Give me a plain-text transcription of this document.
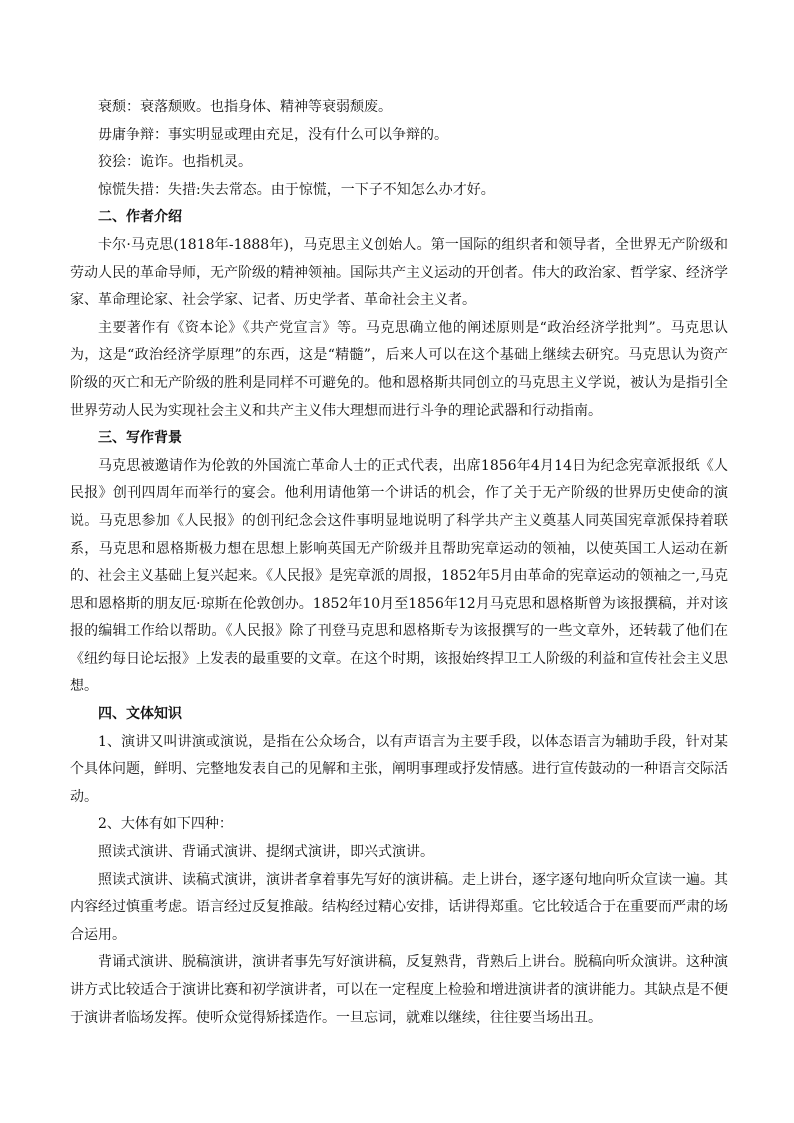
衰颓：衰落颓败。也指身体、精神等衰弱颓废。
毋庸争辩：事实明显或理由充足，没有什么可以争辩的。
狡狯：诡诈。也指机灵。
惊慌失措：失措:失去常态。由于惊慌，一下子不知怎么办才好。
二、作者介绍

卡尔·马克思(1818年-1888年)，马克思主义创始人。第一国际的组织者和领导者，全世界无产阶级和劳动人民的革命导师，无产阶级的精神领袖。国际共产主义运动的开创者。伟大的政治家、哲学家、经济学家、革命理论家、社会学家、记者、历史学者、革命社会主义者。

主要著作有《资本论》《共产党宣言》等。马克思确立他的阐述原则是“政治经济学批判”。马克思认为，这是“政治经济学原理”的东西，这是“精髓”，后来人可以在这个基础上继续去研究。马克思认为资产阶级的灭亡和无产阶级的胜利是同样不可避免的。他和恩格斯共同创立的马克思主义学说，被认为是指引全世界劳动人民为实现社会主义和共产主义伟大理想而进行斗争的理论武器和行动指南。

三、写作背景

马克思被邀请作为伦敦的外国流亡革命人士的正式代表，出席1856年4月14日为纪念宪章派报纸《人民报》创刊四周年而举行的宴会。他利用请他第一个讲话的机会，作了关于无产阶级的世界历史使命的演说。马克思参加《人民报》的创刊纪念会这件事明显地说明了科学共产主义奠基人同英国宪章派保持着联系，马克思和恩格斯极力想在思想上影响英国无产阶级并且帮助宪章运动的领袖，以使英国工人运动在新的、社会主义基础上复兴起来。《人民报》是宪章派的周报，1852年5月由革命的宪章运动的领袖之一,马克思和恩格斯的朋友厄·琼斯在伦敦创办。1852年10月至1856年12月马克思和恩格斯曾为该报撰稿，并对该报的编辑工作给以帮助。《人民报》除了刊登马克思和恩格斯专为该报撰写的一些文章外，还转载了他们在《纽约每日论坛报》上发表的最重要的文章。在这个时期，该报始终捍卫工人阶级的利益和宣传社会主义思想。

四、文体知识

1、演讲又叫讲演或演说，是指在公众场合，以有声语言为主要手段，以体态语言为辅助手段，针对某个具体问题，鲜明、完整地发表自己的见解和主张，阐明事理或抒发情感。进行宣传鼓动的一种语言交际活动。

2、大体有如下四种：

照读式演讲、背诵式演讲、提纲式演讲，即兴式演讲。

照读式演讲、读稿式演讲，演讲者拿着事先写好的演讲稿。走上讲台，逐字逐句地向听众宣读一遍。其内容经过慎重考虑。语言经过反复推敲。结构经过精心安排，话讲得郑重。它比较适合于在重要而严肃的场合运用。

背诵式演讲、脱稿演讲，演讲者事先写好演讲稿，反复熟背，背熟后上讲台。脱稿向听众演讲。这种演讲方式比较适合于演讲比赛和初学演讲者，可以在一定程度上检验和增进演讲者的演讲能力。其缺点是不便于演讲者临场发挥。使听众觉得矫揉造作。一旦忘词，就难以继续，往往要当场出丑。
